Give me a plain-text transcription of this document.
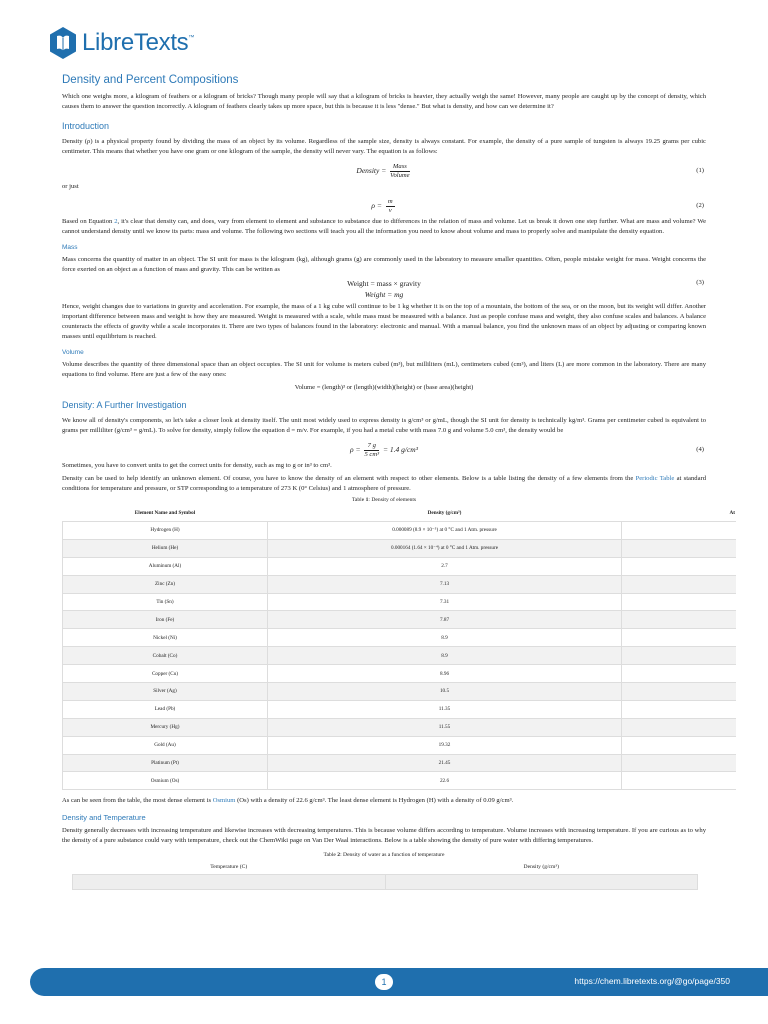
LibreTexts™
Density and Percent Compositions

Which one weighs more, a kilogram of feathers or a kilogram of bricks? Though many people will say that a kilogram of bricks is heavier, they actually weigh the same! However, many people are caught up by the concept of density, which causes them to answer the question incorrectly. A kilogram of feathers clearly takes up more space, but this is because it is less "dense." But what is density, and how can we determine it?

Introduction

Density (ρ) is a physical property found by dividing the mass of an object by its volume. Regardless of the sample size, density is always constant. For example, the density of a pure sample of tungsten is always 19.25 grams per cubic centimeter. This means that whether you have one gram or one kilogram of the sample, the density will never vary. The equation is as follows:

Density = $\frac{\text{Mass}}{\text{Volume}}$	(1)

or just

$\rho = \frac{m}{v}$	(2)

Based on Equation 2, it's clear that density can, and does, vary from element to element and substance to substance due to differences in the relation of mass and volume. Let us break it down one step further. What are mass and volume? We cannot understand density until we know its parts: mass and volume. The following two sections will teach you all the information you need to know about volume and mass to properly solve and manipulate the density equation.

Mass

Mass concerns the quantity of matter in an object. The SI unit for mass is the kilogram (kg), although grams (g) are commonly used in the laboratory to measure smaller quantities. Often, people mistake weight for mass. Weight concerns the force exerted on an object as a function of mass and gravity. This can be written as

Weight = mass × gravity
Weight = mg
(3)

Hence, weight changes due to variations in gravity and acceleration. For example, the mass of a 1 kg cube will continue to be 1 kg whether it is on the top of a mountain, the bottom of the sea, or on the moon, but its weight will differ. Another important difference between mass and weight is how they are measured. Weight is measured with a scale, while mass must be measured with a balance. Just as people confuse mass and weight, they also confuse scales and balances. A balance counteracts the effects of gravity while a scale incorporates it. There are two types of balances found in the laboratory: electronic and manual. With a manual balance, you find the unknown mass of an object by adjusting or comparing known masses until equilibrium is reached.

Volume

Volume describes the quantity of three dimensional space than an object occupies. The SI unit for volume is meters cubed (m³), but milliliters (mL), centimeters cubed (cm³), and liters (L) are more common in the laboratory. There are many equations to find volume. Here are just a few of the easy ones:

Volume = (length)³ or (length)(width)(height) or (base area)(height)
Density: A Further Investigation

We know all of density's components, so let's take a closer look at density itself. The unit most widely used to express density is g/cm³ or g/mL, though the SI unit for density is technically kg/m³. Grams per centimeter cubed is equivalent to grams per milliliter (g/cm³ = g/mL). To solve for density, simply follow the equation d = m/v. For example, if you had a metal cube with mass 7.0 g and volume 5.0 cm³, the density would be

$\rho = \frac{7 g}{\text{5 cm³}} = 1.4$ g/cm³	(4)

Sometimes, you have to convert units to get the correct units for density, such as mg to g or in³ to cm³.

Density can be used to help identify an unknown element. Of course, you have to know the density of an element with respect to other elements. Below is a table listing the density of a few elements from the Periodic Table at standard conditions for temperature and pressure, or STP corresponding to a temperature of 273 K (0° Celsius) and 1 atmosphere of pressure.

Table 1: Density of elements
Element Name and Symbol	Density (g/cm³)	At
Hydrogen (H)	0.000089 (8.9 × 10⁻⁵) at 0 °C and 1 Atm. pressure	
Helium (He)	0.000164 (1.64 × 10⁻⁴) at 0 °C and 1 Atm. pressure	
Aluminum (Al)	2.7	
Zinc (Zn)	7.13	
Tin (Sn)	7.31	
Iron (Fe)	7.87	
Nickel (Ni)	8.9	
Cobalt (Co)	8.9	
Copper (Cu)	8.96	
Silver (Ag)	10.5	
Lead (Pb)	11.35	
Mercury (Hg)	11.55	
Gold (Au)	19.32	
Platinum (Pt)	21.45	
Osmium (Os)	22.6	

As can be seen from the table, the most dense element is Osmium (Os) with a density of 22.6 g/cm³. The least dense element is Hydrogen (H) with a density of 0.09 g/cm³.

Density and Temperature

Density generally decreases with increasing temperature and likewise increases with decreasing temperatures. This is because volume differs according to temperature. Volume increases with increasing temperature. If you are curious as to why the density of a pure substance could vary with temperature, check out the ChemWiki page on Van Der Waal interactions. Below is a table showing the density of pure water with differing temperatures.

Table 2: Density of water as a function of temperature
Temperature (C)	Density (g/cm³)

1	https://chem.libretexts.org/@go/page/350
